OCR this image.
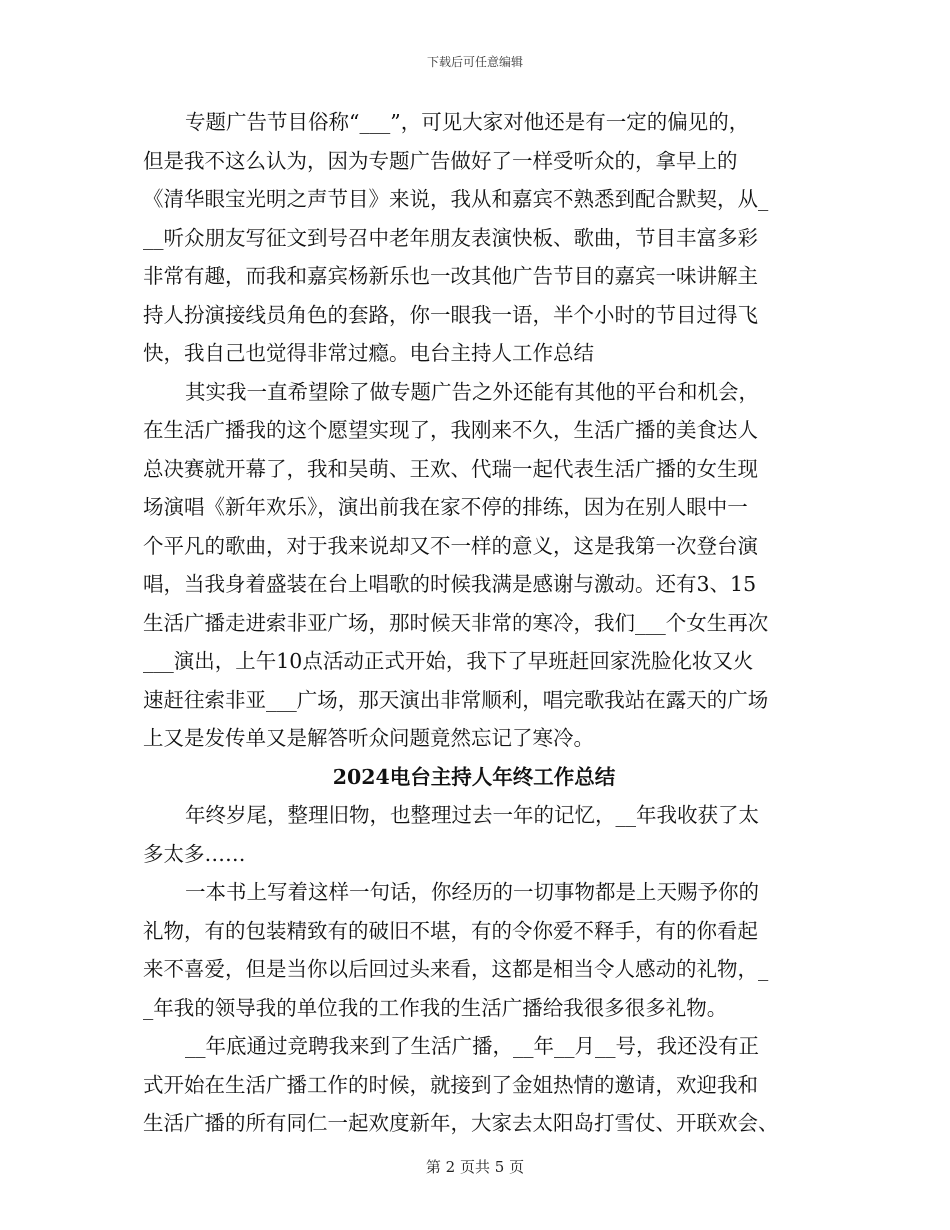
下载后可任意编辑
专题广告节目俗称“___”，可见大家对他还是有一定的偏见的，
但是我不这么认为，因为专题广告做好了一样受听众的，拿早上的
《清华眼宝光明之声节目》来说，我从和嘉宾不熟悉到配合默契，从_
__听众朋友写征文到号召中老年朋友表演快板、歌曲，节目丰富多彩
非常有趣，而我和嘉宾杨新乐也一改其他广告节目的嘉宾一味讲解主
持人扮演接线员角色的套路，你一眼我一语，半个小时的节目过得飞
快，我自己也觉得非常过瘾。电台主持人工作总结
其实我一直希望除了做专题广告之外还能有其他的平台和机会，
在生活广播我的这个愿望实现了，我刚来不久，生活广播的美食达人
总决赛就开幕了，我和吴萌、王欢、代瑞一起代表生活广播的女生现
场演唱《新年欢乐》，演出前我在家不停的排练，因为在别人眼中一
个平凡的歌曲，对于我来说却又不一样的意义，这是我第一次登台演
唱，当我身着盛装在台上唱歌的时候我满是感谢与激动。还有3、15
生活广播走进索非亚广场，那时候天非常的寒冷，我们___个女生再次
___演出，上午10点活动正式开始，我下了早班赶回家洗脸化妆又火
速赶往索非亚___广场，那天演出非常顺利，唱完歌我站在露天的广场
上又是发传单又是解答听众问题竟然忘记了寒冷。
2024电台主持人年终工作总结
年终岁尾，整理旧物，也整理过去一年的记忆，__年我收获了太
多太多……
一本书上写着这样一句话，你经历的一切事物都是上天赐予你的
礼物，有的包装精致有的破旧不堪，有的令你爱不释手，有的你看起
来不喜爱，但是当你以后回过头来看，这都是相当令人感动的礼物，_
_年我的领导我的单位我的工作我的生活广播给我很多很多礼物。
__年底通过竞聘我来到了生活广播，__年__月__号，我还没有正
式开始在生活广播工作的时候，就接到了金姐热情的邀请，欢迎我和
生活广播的所有同仁一起欢度新年，大家去太阳岛打雪仗、开联欢会、
第 2 页共 5 页
